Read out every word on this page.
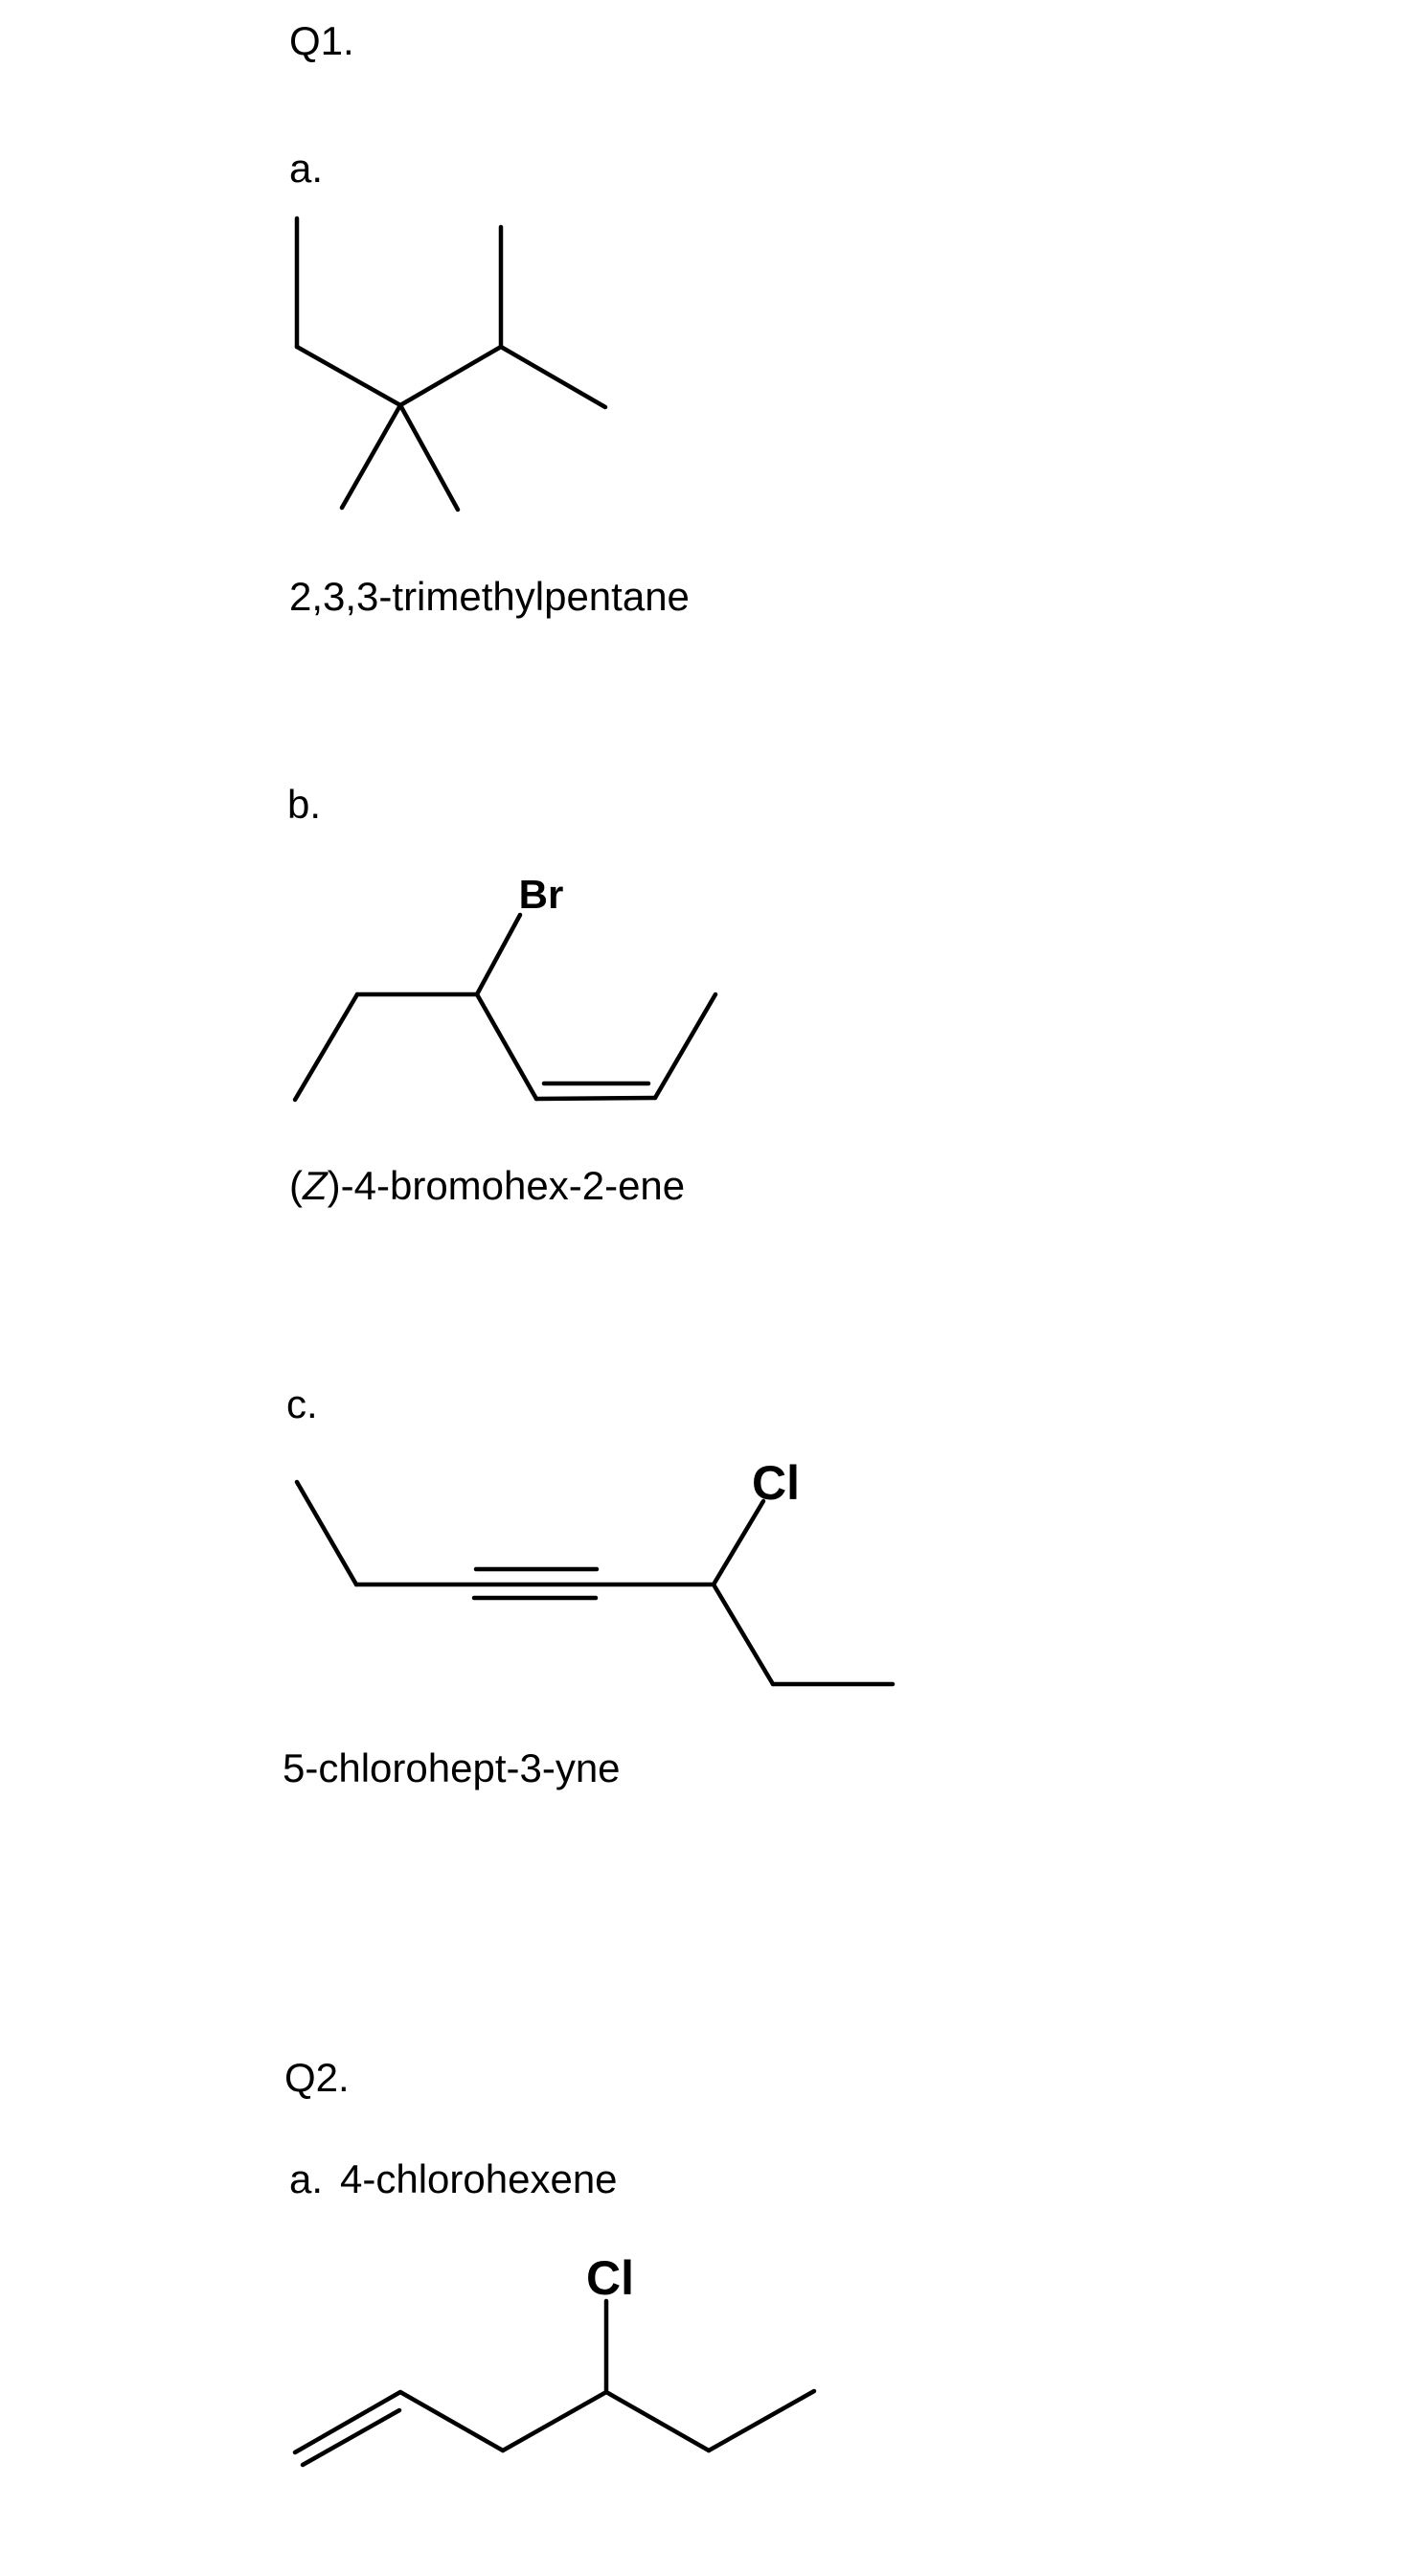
Q1.
a.
2,3,3-trimethylpentane
b.
Br
(Z)-4-bromohex-2-ene
c.
Cl
5-chlorohept-3-yne
Q2.
a. 4-chlorohexene
Cl
